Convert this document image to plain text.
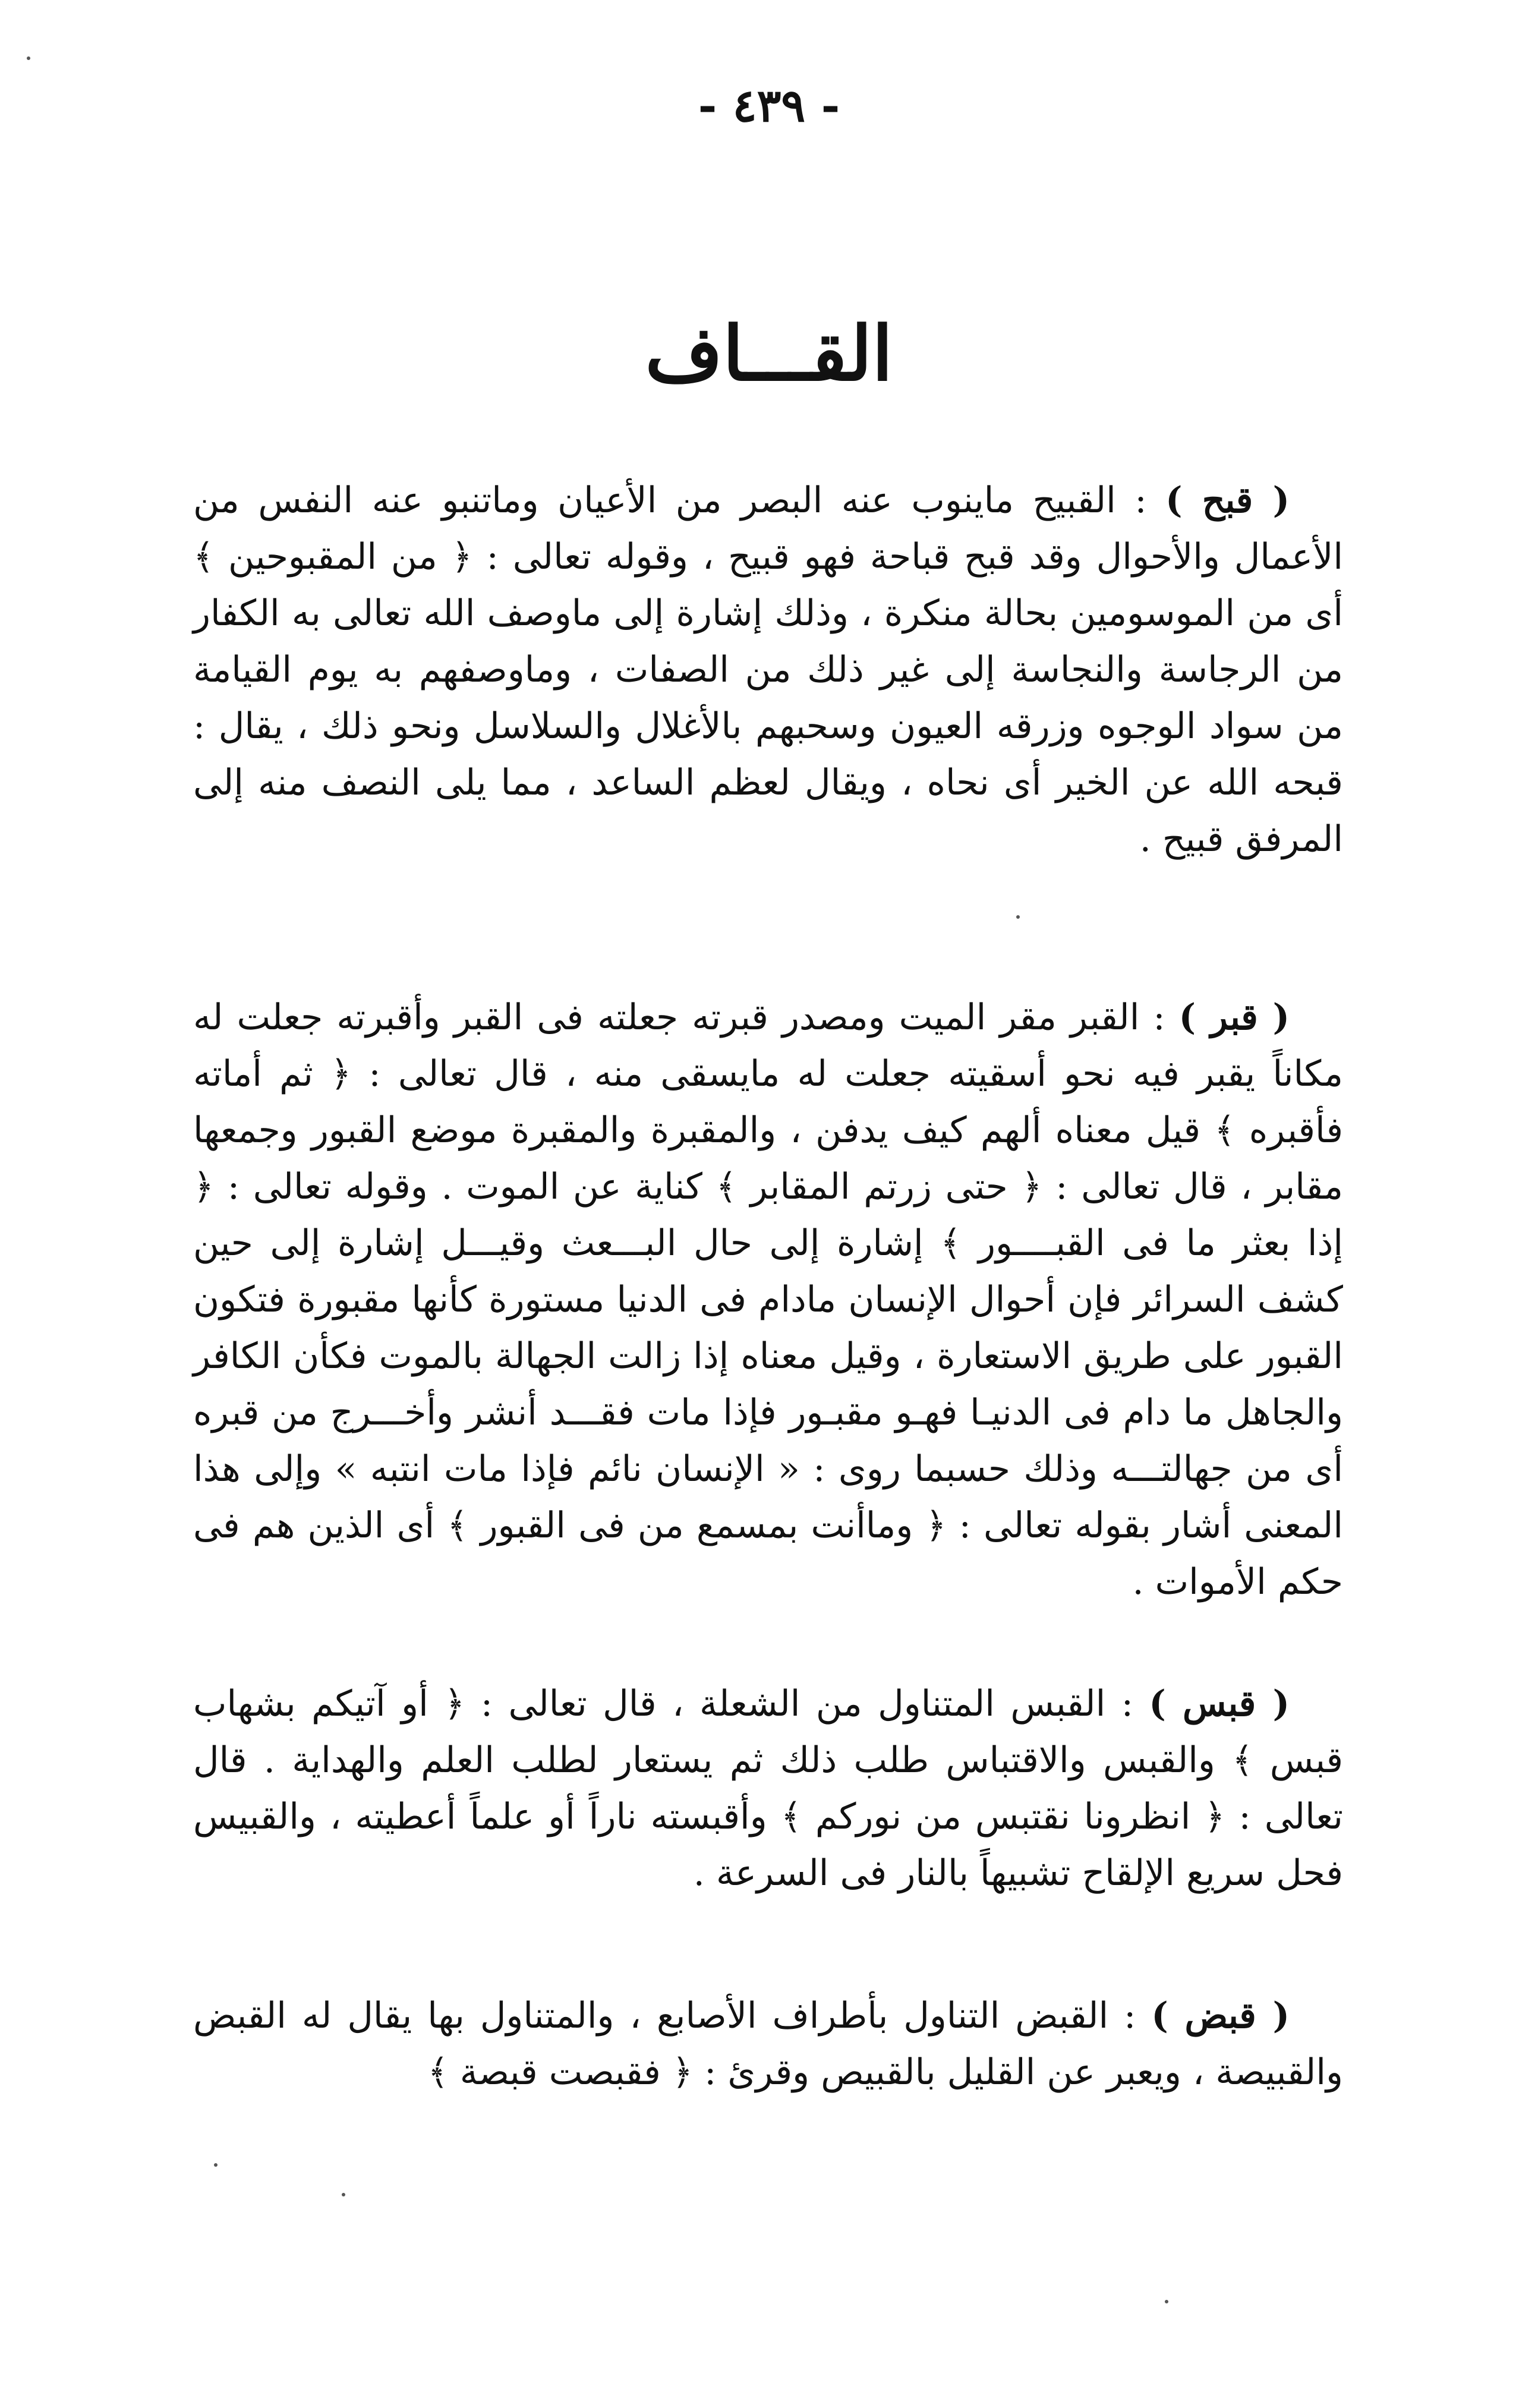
- ٤٣٩ -
القـــاف

( قبح ) : القبيح ماينوب عنه البصر من الأعيان وماتنبو عنه النفس من الأعمال والأحوال وقد قبح قباحة فهو قبيح ، وقوله تعالى : ﴿ من المقبوحين ﴾ أى من الموسومين بحالة منكرة ، وذلك إشارة إلى ماوصف الله تعالى به الكفار من الرجاسة والنجاسة إلى غير ذلك من الصفات ، وماوصفهم به يوم القيامة من سواد الوجوه وزرقه العيون وسحبهم بالأغلال والسلاسل ونحو ذلك ، يقال : قبحه الله عن الخير أى نحاه ، ويقال لعظم الساعد ، مما يلى النصف منه إلى المرفق قبيح .

( قبر ) : القبر مقر الميت ومصدر قبرته جعلته فى القبر وأقبرته جعلت له مكاناً يقبر فيه نحو أسقيته جعلت له مايسقى منه ، قال تعالى : ﴿ ثم أماته فأقبره ﴾ قيل معناه ألهم كيف يدفن ، والمقبرة والمقبرة موضع القبور وجمعها مقابر ، قال تعالى : ﴿ حتى زرتم المقابر ﴾ كناية عن الموت . وقوله تعالى : ﴿ إذا بعثر ما فى القبــــور ﴾ إشارة إلى حال البـــعث وقيـــل إشارة إلى حين كشف السرائر فإن أحوال الإنسان مادام فى الدنيا مستورة كأنها مقبورة فتكون القبور على طريق الاستعارة ، وقيل معناه إذا زالت الجهالة بالموت فكأن الكافر والجاهل ما دام فى الدنيـا فهـو مقبـور فإذا مات فقـــد أنشر وأخـــرج من قبره أى من جهالتـــه وذلك حسبما روى : « الإنسان نائم فإذا مات انتبه » وإلى هذا المعنى أشار بقوله تعالى : ﴿ وماأنت بمسمع من فى القبور ﴾ أى الذين هم فى حكم الأموات .

( قبس ) : القبس المتناول من الشعلة ، قال تعالى : ﴿ أو آتيكم بشهاب قبس ﴾ والقبس والاقتباس طلب ذلك ثم يستعار لطلب العلم والهداية . قال تعالى : ﴿ انظرونا نقتبس من نوركم ﴾ وأقبسته ناراً أو علماً أعطيته ، والقبيس فحل سريع الإلقاح تشبيهاً بالنار فى السرعة .

( قبض ) : القبض التناول بأطراف الأصابع ، والمتناول بها يقال له القبض والقبيصة ، ويعبر عن القليل بالقبيص وقرئ : ﴿ فقبصت قبصة ﴾
